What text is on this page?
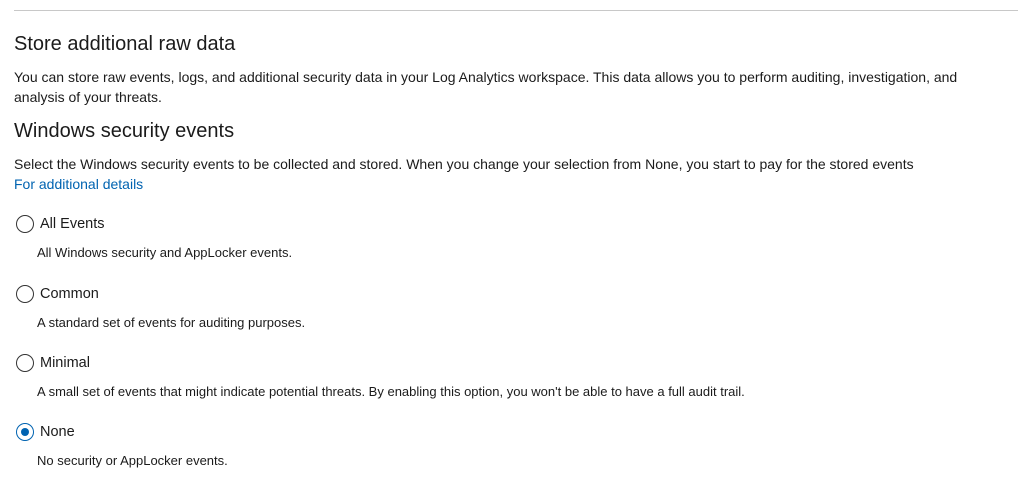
Store additional raw data
You can store raw events, logs, and additional security data in your Log Analytics workspace. This data allows you to perform auditing, investigation, and analysis of your threats.
Windows security events
Select the Windows security events to be collected and stored. When you change your selection from None, you start to pay for the stored events
For additional details
All Events
All Windows security and AppLocker events.
Common
A standard set of events for auditing purposes.
Minimal
A small set of events that might indicate potential threats. By enabling this option, you won't be able to have a full audit trail.
None
No security or AppLocker events.
